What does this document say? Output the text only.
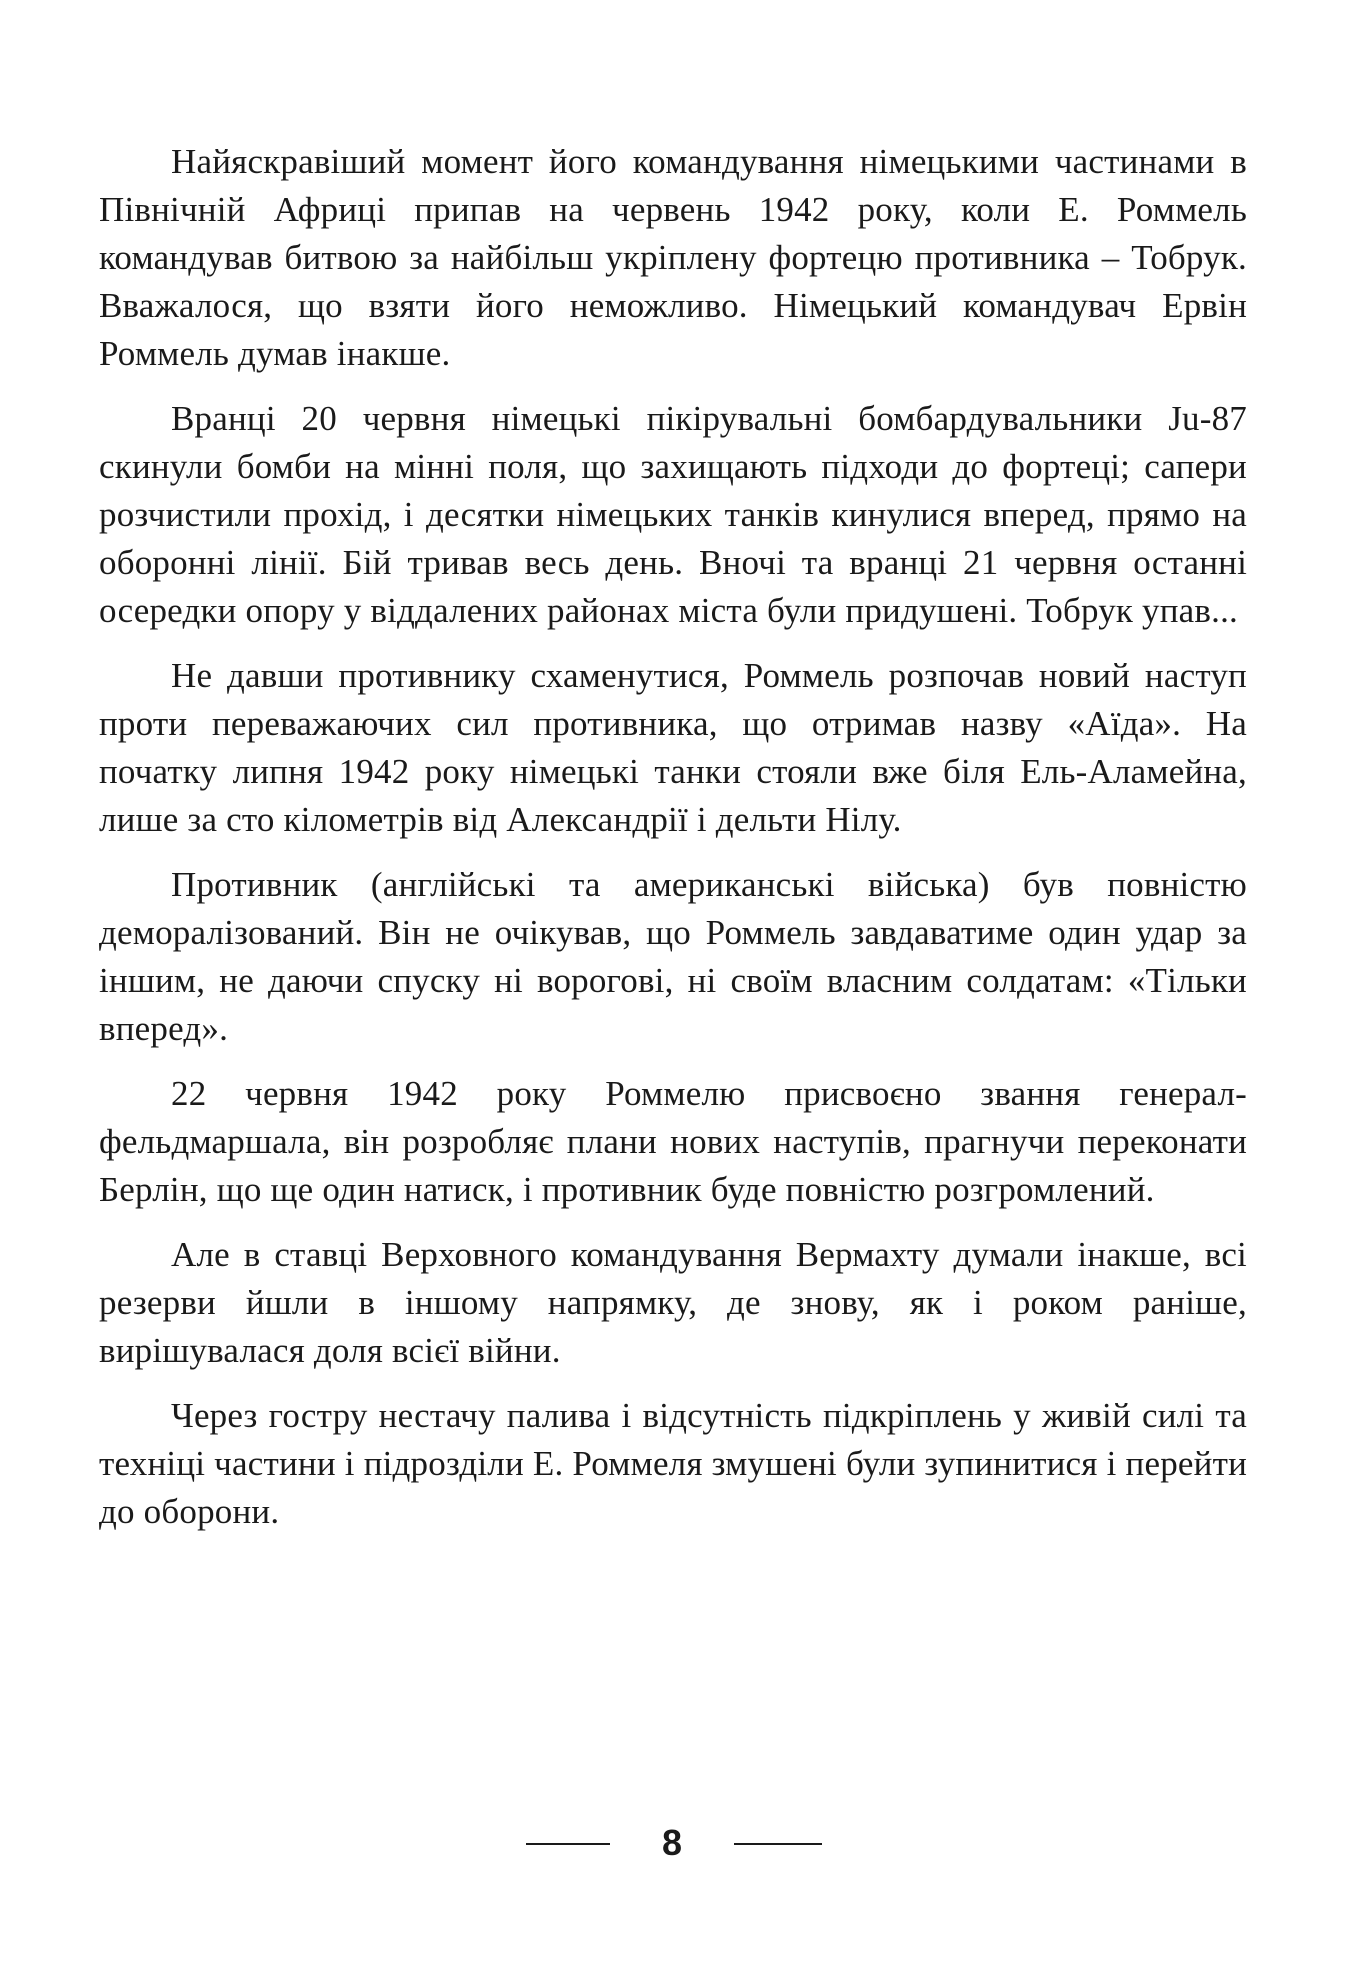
Найяскравіший момент його командування німецькими частинами в Північній Африці припав на червень 1942 року, коли Е. Роммель командував битвою за найбільш укріплену фортецю противника – Тобрук. Вважалося, що взяти його неможливо. Німецький командувач Ервін Роммель думав інакше.

Вранці 20 червня німецькі пікірувальні бомбардувальники Ju-87 скинули бомби на мінні поля, що захищають підходи до фортеці; сапери розчистили прохід, і десятки німецьких танків кинулися вперед, прямо на оборонні лінії. Бій тривав весь день. Вночі та вранці 21 червня останні осередки опору у віддалених районах міста були придушені. Тобрук упав...

Не давши противнику схаменутися, Роммель розпочав новий наступ проти переважаючих сил противника, що отримав назву «Аїда». На початку липня 1942 року німецькі танки стояли вже біля Ель-Аламейна, лише за сто кілометрів від Александрії і дельти Нілу.

Противник (англійські та американські війська) був повністю деморалізований. Він не очікував, що Роммель завдаватиме один удар за іншим, не даючи спуску ні ворогові, ні своїм власним солдатам: «Тільки вперед».

22 червня 1942 року Роммелю присвоєно звання генерал-фельдмаршала, він розробляє плани нових наступів, прагнучи переконати Берлін, що ще один натиск, і противник буде повністю розгромлений.

Але в ставці Верховного командування Вермахту думали інакше, всі резерви йшли в іншому напрямку, де знову, як і роком раніше, вирішувалася доля всієї війни.

Через гостру нестачу палива і відсутність підкріплень у живій силі та техніці частини і підрозділи Е. Роммеля змушені були зупинитися і перейти до оборони.

8
